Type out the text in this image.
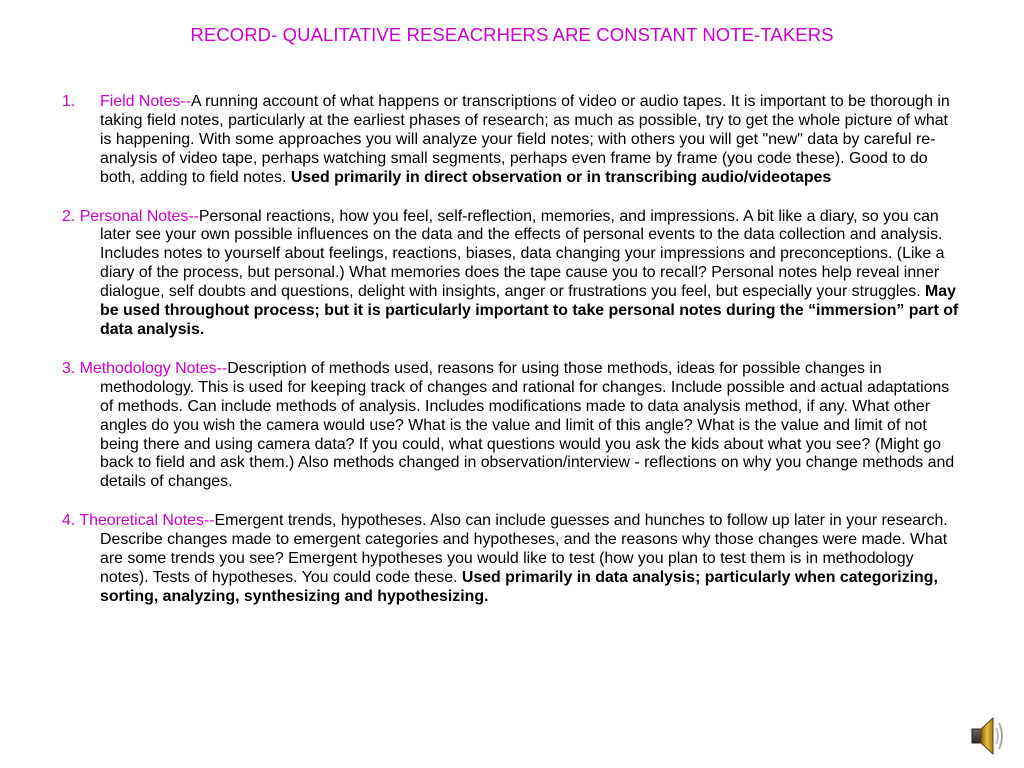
RECORD- QUALITATIVE RESEACRHERS ARE CONSTANT NOTE-TAKERS
1. Field Notes--A running account of what happens or transcriptions of video or audio tapes. It is important to be thorough in taking field notes, particularly at the earliest phases of research; as much as possible, try to get the whole picture of what is happening. With some approaches you will analyze your field notes; with others you will get "new" data by careful re-analysis of video tape, perhaps watching small segments, perhaps even frame by frame (you code these). Good to do both, adding to field notes. Used primarily in direct observation or in transcribing audio/videotapes
2. Personal Notes--Personal reactions, how you feel, self-reflection, memories, and impressions. A bit like a diary, so you can later see your own possible influences on the data and the effects of personal events to the data collection and analysis. Includes notes to yourself about feelings, reactions, biases, data changing your impressions and preconceptions. (Like a diary of the process, but personal.) What memories does the tape cause you to recall? Personal notes help reveal inner dialogue, self doubts and questions, delight with insights, anger or frustrations you feel, but especially your struggles. May be used throughout process; but it is particularly important to take personal notes during the “immersion” part of data analysis.
3. Methodology Notes--Description of methods used, reasons for using those methods, ideas for possible changes in methodology. This is used for keeping track of changes and rational for changes. Include possible and actual adaptations of methods. Can include methods of analysis. Includes modifications made to data analysis method, if any. What other angles do you wish the camera would use? What is the value and limit of this angle? What is the value and limit of not being there and using camera data? If you could, what questions would you ask the kids about what you see? (Might go back to field and ask them.) Also methods changed in observation/interview - reflections on why you change methods and details of changes.
4. Theoretical Notes--Emergent trends, hypotheses. Also can include guesses and hunches to follow up later in your research. Describe changes made to emergent categories and hypotheses, and the reasons why those changes were made. What are some trends you see? Emergent hypotheses you would like to test (how you plan to test them is in methodology notes). Tests of hypotheses. You could code these. Used primarily in data analysis; particularly when categorizing, sorting, analyzing, synthesizing and hypothesizing.
